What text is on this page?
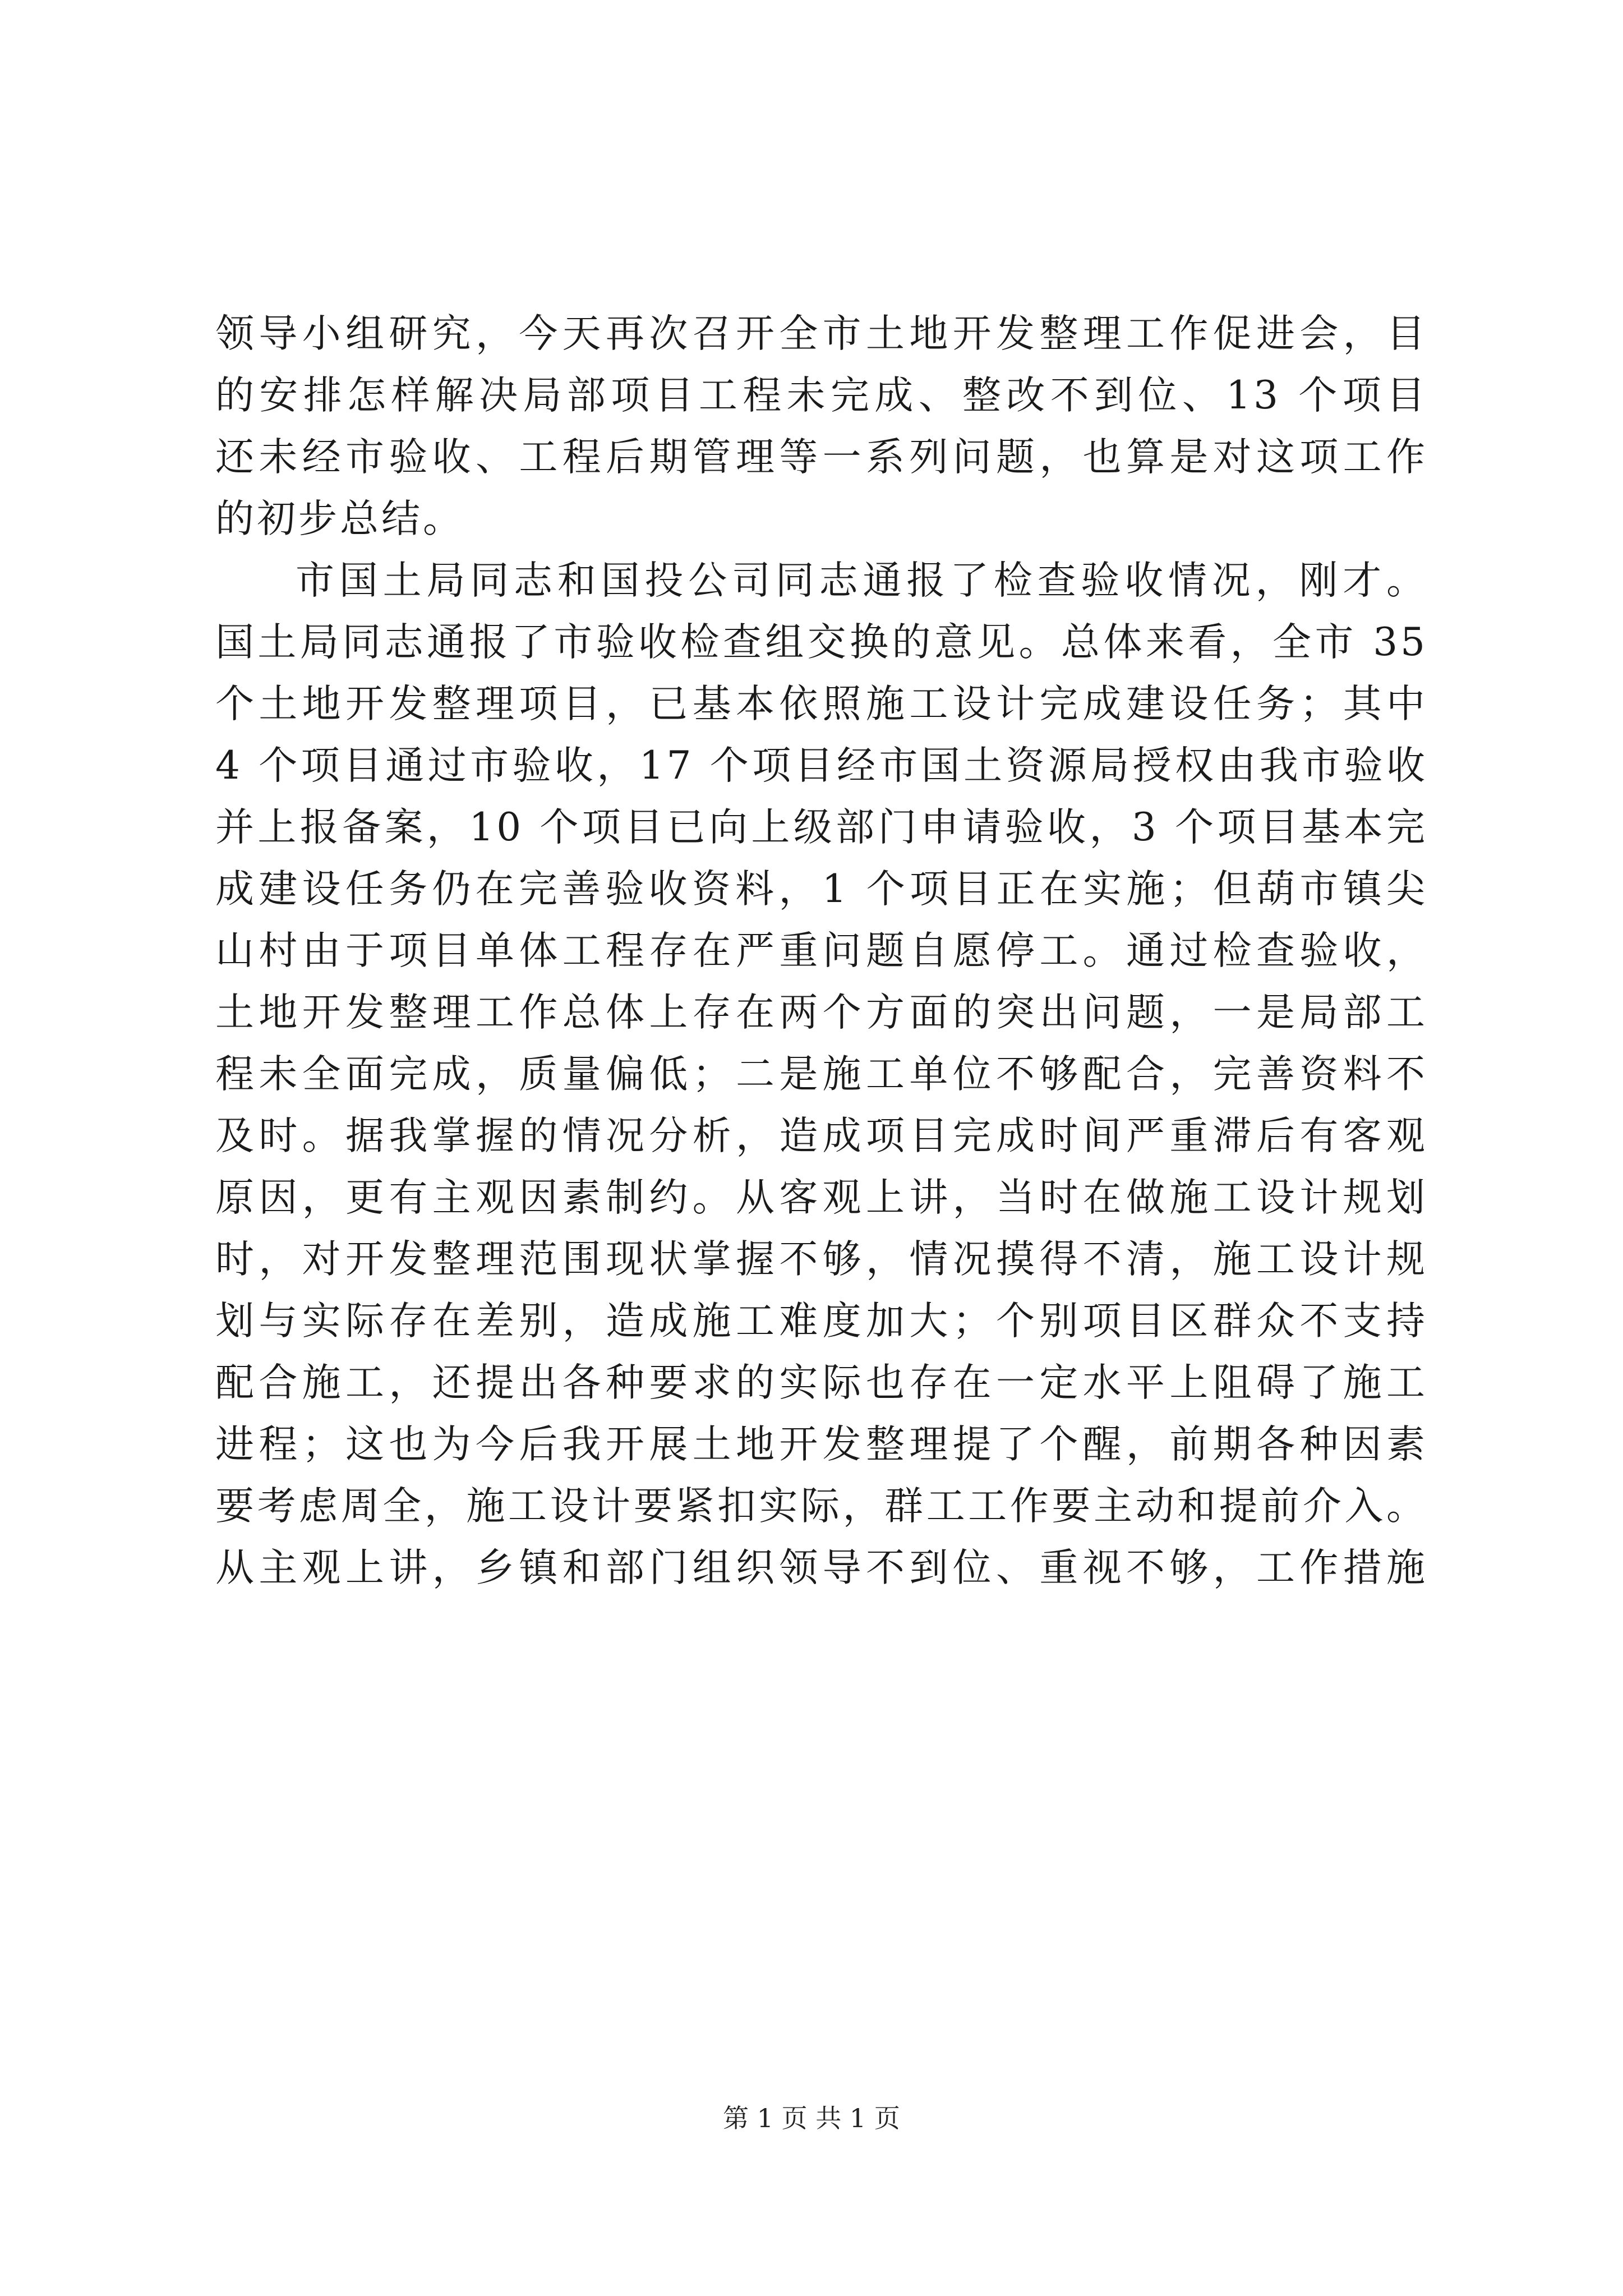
领导小组研究，今天再次召开全市土地开发整理工作促进会，目
的安排怎样解决局部项目工程未完成、整改不到位、13 个项目
还未经市验收、工程后期管理等一系列问题，也算是对这项工作
的初步总结。
市国土局同志和国投公司同志通报了检查验收情况，刚才。
国土局同志通报了市验收检查组交换的意见。总体来看，全市 35
个土地开发整理项目，已基本依照施工设计完成建设任务；其中
4 个项目通过市验收，17 个项目经市国土资源局授权由我市验收
并上报备案，10 个项目已向上级部门申请验收，3 个项目基本完
成建设任务仍在完善验收资料，1 个项目正在实施；但葫市镇尖
山村由于项目单体工程存在严重问题自愿停工。通过检查验收，
土地开发整理工作总体上存在两个方面的突出问题，一是局部工
程未全面完成，质量偏低；二是施工单位不够配合，完善资料不
及时。据我掌握的情况分析，造成项目完成时间严重滞后有客观
原因，更有主观因素制约。从客观上讲，当时在做施工设计规划
时，对开发整理范围现状掌握不够，情况摸得不清，施工设计规
划与实际存在差别，造成施工难度加大；个别项目区群众不支持
配合施工，还提出各种要求的实际也存在一定水平上阻碍了施工
进程；这也为今后我开展土地开发整理提了个醒，前期各种因素
要考虑周全，施工设计要紧扣实际，群工工作要主动和提前介入。
从主观上讲，乡镇和部门组织领导不到位、重视不够，工作措施
第 1 页 共 1 页
